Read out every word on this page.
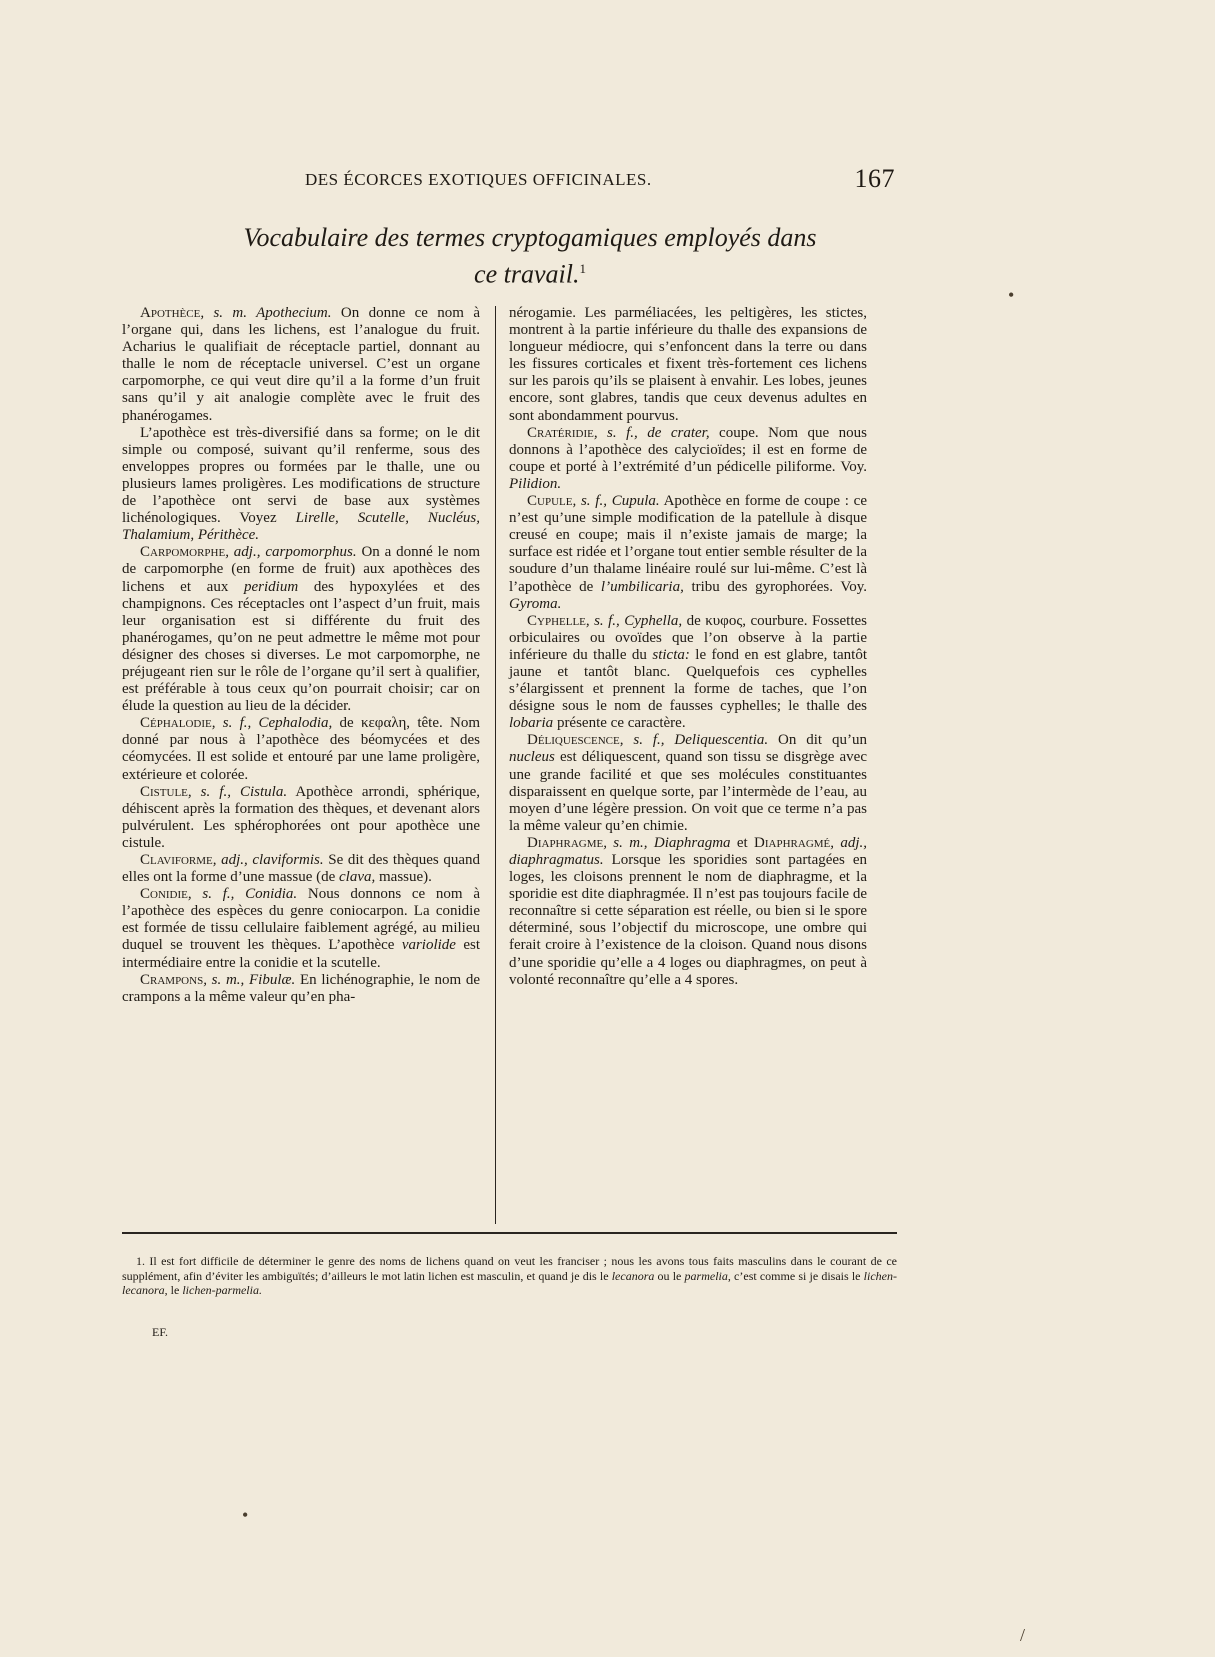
DES ÉCORCES EXOTIQUES OFFICINALES.	167
Vocabulaire des termes cryptogamiques employés dans
ce travail.$^1$

Apothèce, s. m. Apothecium. On donne ce nom à l’organe qui, dans les lichens, est l’analogue du fruit. Acharius le qualifiait de réceptacle partiel, donnant au thalle le nom de réceptacle universel. C’est un organe carpomorphe, ce qui veut dire qu’il a la forme d’un fruit sans qu’il y ait analogie complète avec le fruit des phanérogames.

L’apothèce est très-diversifié dans sa forme; on le dit simple ou composé, suivant qu’il renferme, sous des enveloppes propres ou formées par le thalle, une ou plusieurs lames proligères. Les modifications de structure de l’apothèce ont servi de base aux systèmes lichénologiques. Voyez Lirelle, Scutelle, Nucléus, Thalamium, Périthèce.

Carpomorphe, adj., carpomorphus. On a donné le nom de carpomorphe (en forme de fruit) aux apothèces des lichens et aux peridium des hypoxylées et des champignons. Ces réceptacles ont l’aspect d’un fruit, mais leur organisation est si différente du fruit des phanérogames, qu’on ne peut admettre le même mot pour désigner des choses si diverses. Le mot carpomorphe, ne préjugeant rien sur le rôle de l’organe qu’il sert à qualifier, est préférable à tous ceux qu’on pourrait choisir; car on élude la question au lieu de la décider.

Céphalodie, s. f., Cephalodia, de κεφαλη, tête. Nom donné par nous à l’apothèce des béomycées et des céomycées. Il est solide et entouré par une lame proligère, extérieure et colorée.

Cistule, s. f., Cistula. Apothèce arrondi, sphérique, déhiscent après la formation des thèques, et devenant alors pulvérulent. Les sphérophorées ont pour apothèce une cistule.

Claviforme, adj., claviformis. Se dit des thèques quand elles ont la forme d’une massue (de clava, massue).

Conidie, s. f., Conidia. Nous donnons ce nom à l’apothèce des espèces du genre coniocarpon. La conidie est formée de tissu cellulaire faiblement agrégé, au milieu duquel se trouvent les thèques. L’apothèce variolide est intermédiaire entre la conidie et la scutelle.

Crampons, s. m., Fibulæ. En lichénographie, le nom de crampons a la même valeur qu’en pha-

nérogamie. Les parméliacées, les peltigères, les stictes, montrent à la partie inférieure du thalle des expansions de longueur médiocre, qui s’enfoncent dans la terre ou dans les fissures corticales et fixent très-fortement ces lichens sur les parois qu’ils se plaisent à envahir. Les lobes, jeunes encore, sont glabres, tandis que ceux devenus adultes en sont abondamment pourvus.

Cratéridie, s. f., de crater, coupe. Nom que nous donnons à l’apothèce des calycioïdes; il est en forme de coupe et porté à l’extrémité d’un pédicelle piliforme. Voy. Pilidion.

Cupule, s. f., Cupula. Apothèce en forme de coupe : ce n’est qu’une simple modification de la patellule à disque creusé en coupe; mais il n’existe jamais de marge; la surface est ridée et l’organe tout entier semble résulter de la soudure d’un thalame linéaire roulé sur lui-même. C’est là l’apothèce de l’umbilicaria, tribu des gyrophorées. Voy. Gyroma.

Cyphelle, s. f., Cyphella, de κυφος, courbure. Fossettes orbiculaires ou ovoïdes que l’on observe à la partie inférieure du thalle du sticta: le fond en est glabre, tantôt jaune et tantôt blanc. Quelquefois ces cyphelles s’élargissent et prennent la forme de taches, que l’on désigne sous le nom de fausses cyphelles; le thalle des lobaria présente ce caractère.

Déliquescence, s. f., Deliquescentia. On dit qu’un nucleus est déliquescent, quand son tissu se disgrège avec une grande facilité et que ses molécules constituantes disparaissent en quelque sorte, par l’intermède de l’eau, au moyen d’une légère pression. On voit que ce terme n’a pas la même valeur qu’en chimie.

Diaphragme, s. m., Diaphragma et Diaphragmé, adj., diaphragmatus. Lorsque les sporidies sont partagées en loges, les cloisons prennent le nom de diaphragme, et la sporidie est dite diaphragmée. Il n’est pas toujours facile de reconnaître si cette séparation est réelle, ou bien si le spore déterminé, sous l’objectif du microscope, une ombre qui ferait croire à l’existence de la cloison. Quand nous disons d’une sporidie qu’elle a 4 loges ou diaphragmes, on peut à volonté reconnaître qu’elle a 4 spores.

1. Il est fort difficile de déterminer le genre des noms de lichens quand on veut les franciser ; nous les avons tous faits masculins dans le courant de ce supplément, afin d’éviter les ambiguïtés; d’ailleurs le mot latin lichen est masculin, et quand je dis le lecanora ou le parmelia, c’est comme si je disais le lichen-lecanora, le lichen-parmelia.

EF.
•
•
/
